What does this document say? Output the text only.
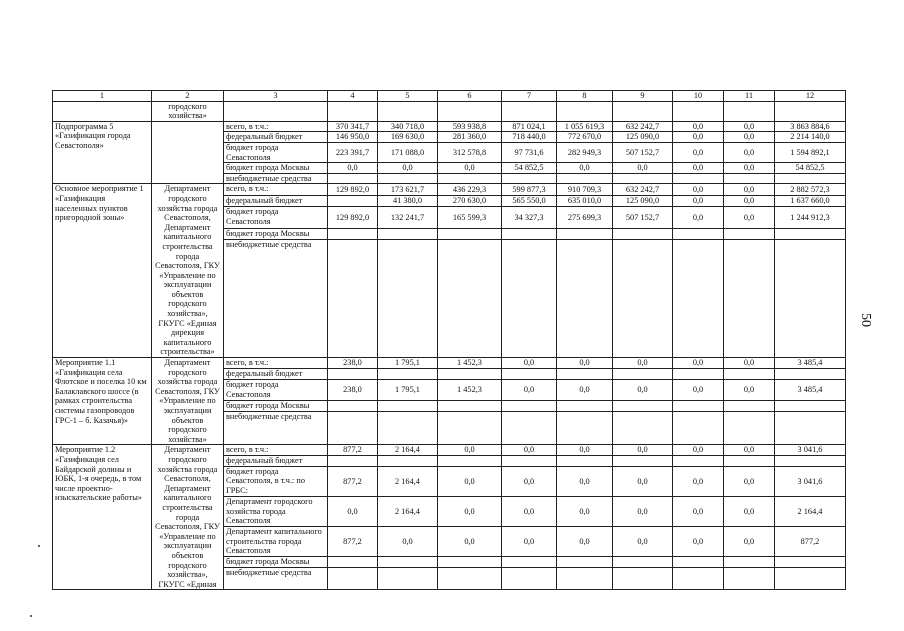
50
1	2	3	4	5	6	7	8	9	10	11	12
	городского хозяйства»										
Подпрограмма 5 «Газификация города Севастополя»		всего, в т.ч.:	370 341,7	340 718,0	593 938,8	871 024,1	1 055 619,3	632 242,7	0,0	0,0	3 863 884,6
		федеральный бюджет	146 950,0	169 630,0	281 360,0	718 440,0	772 670,0	125 090,0	0,0	0,0	2 214 140,0
		бюджет города Севастополя	223 391,7	171 088,0	312 578,8	97 731,6	282 949,3	507 152,7	0,0	0,0	1 594 892,1
		бюджет города Москвы	0,0	0,0	0,0	54 852,5	0,0	0,0	0,0	0,0	54 852,5
		внебюджетные средства									
Основное мероприятие 1 «Газификация населенных пунктов пригородной зоны»	Департамент городского хозяйства города Севастополя, Департамент капитального строительства города Севастополя, ГКУ «Управление по эксплуатации объектов городского хозяйства», ГКУГС «Единая дирекция капитального строительства»	всего, в т.ч.:	129 892,0	173 621,7	436 229,3	599 877,3	910 709,3	632 242,7	0,0	0,0	2 882 572,3
		федеральный бюджет		41 380,0	270 630,0	565 550,0	635 010,0	125 090,0	0,0	0,0	1 637 660,0
		бюджет города Севастополя	129 892,0	132 241,7	165 599,3	34 327,3	275 699,3	507 152,7	0,0	0,0	1 244 912,3
		бюджет города Москвы									
		внебюджетные средства									
Мероприятие 1.1 «Газификация села Флотское и поселка 10 км Балаклавского шоссе (в рамках строительства системы газопроводов ГРС-1 – б. Казачья)»	Департамент городского хозяйства города Севастополя, ГКУ «Управление по эксплуатации объектов городского хозяйства»	всего, в т.ч.:	238,0	1 795,1	1 452,3	0,0	0,0	0,0	0,0	0,0	3 485,4
		федеральный бюджет									
		бюджет города Севастополя	238,0	1 795,1	1 452,3	0,0	0,0	0,0	0,0	0,0	3 485,4
		бюджет города Москвы									
		внебюджетные средства									
Мероприятие 1.2 «Газификация сел Байдарской долины и ЮБК, 1-я очередь, в том числе проектно-изыскательские работы»	Департамент городского хозяйства города Севастополя, Департамент капитального строительства города Севастополя, ГКУ «Управление по эксплуатации объектов городского хозяйства», ГКУГС «Единая	всего, в т.ч.:	877,2	2 164,4	0,0	0,0	0,0	0,0	0,0	0,0	3 041,6
		федеральный бюджет									
		бюджет города Севастополя, в т.ч.: по ГРБС:	877,2	2 164,4	0,0	0,0	0,0	0,0	0,0	0,0	3 041,6
		Департамент городского хозяйства города Севастополя	0,0	2 164,4	0,0	0,0	0,0	0,0	0,0	0,0	2 164,4
		Департамент капитального строительства города Севастополя	877,2	0,0	0,0	0,0	0,0	0,0	0,0	0,0	877,2
		бюджет города Москвы									
		внебюджетные средства									
